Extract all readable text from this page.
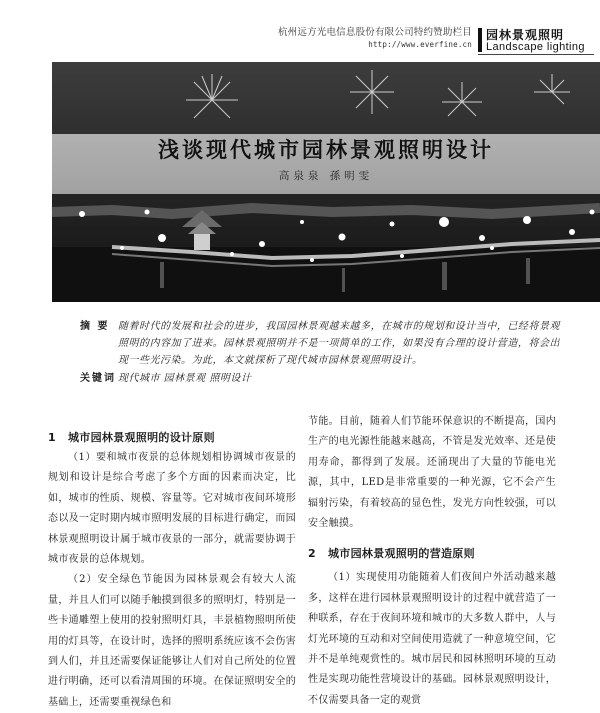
杭州远方光电信息股份有限公司特约赞助栏目
http://www.everfine.cn
园林景观照明
Landscape lighting
浅谈现代城市园林景观照明设计
高泉泉 孫明雯
摘 要 随着时代的发展和社会的进步，我国园林景观越来越多，在城市的规划和设计当中，已经将景观照明的内容加了进来。园林景观照明并不是一项简单的工作，如果没有合理的设计营造，将会出现一些光污染。为此，本文就探析了现代城市园林景观照明设计。
关键词 现代城市 园林景观 照明设计
1 城市园林景观照明的设计原则

（1）要和城市夜景的总体规划相协调城市夜景的规划和设计是综合考虑了多个方面的因素而决定，比如，城市的性质、规模、容量等。它对城市夜间环境形态以及一定时期内城市照明发展的目标进行确定，而园林景观照明设计属于城市夜景的一部分，就需要协调于城市夜景的总体规划。

（2）安全绿色节能因为园林景观会有较大人流量，并且人们可以随手触摸到很多的照明灯，特别是一些卡通雕塑上使用的投射照明灯具，丰景植物照明所使用的灯具等，在设计时，选择的照明系统应该不会伤害到人们，并且还需要保证能够让人们对自己所处的位置进行明确，还可以看清周围的环境。在保证照明安全的基础上，还需要重视绿色和

节能。目前，随着人们节能环保意识的不断提高，国内生产的电光源性能越来越高，不管是发光效率、还是使用寿命，都得到了发展。还涌现出了大量的节能电光源，其中，LED是非常重要的一种光源，它不会产生辐射污染，有着较高的显色性，发光方向性较强，可以安全触摸。

2 城市园林景观照明的营造原则

（1）实现使用功能随着人们夜间户外活动越来越多，这样在进行园林景观照明设计的过程中就营造了一种联系，存在于夜间环境和城市的大多数人群中，人与灯光环境的互动和对空间使用造就了一种意境空间，它并不是单纯观赏性的。城市居民和园林照明环境的互动性是实现功能性营境设计的基础。园林景观照明设计，不仅需要具备一定的观赏
